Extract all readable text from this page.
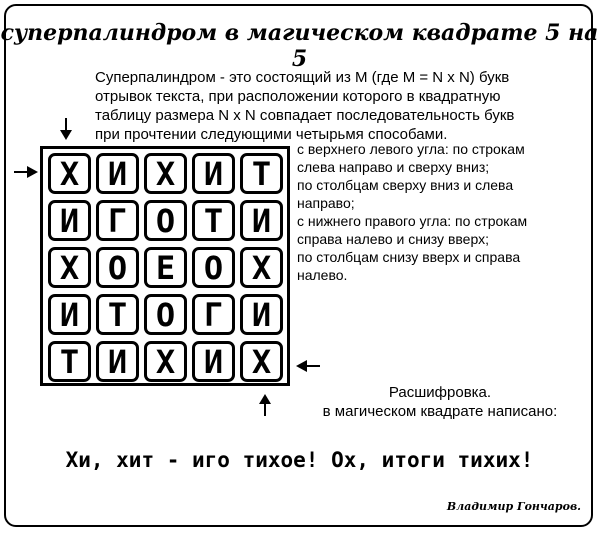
суперпалиндром в магическом квадрате 5 на 5
Суперпалиндром - это состоящий из М (где М = N x N) букв
отрывок текста, при расположении которого в квадратную
таблицу размера N x N совпадает последовательность букв
при прочтении следующими четырьмя способами.
Х И Х И Т
И Г О Т И
Х О Е О Х
И Т О Г И
Т И Х И Х
с верхнего левого угла: по строкам
слева направо и сверху вниз;
по столбцам сверху вниз и слева
направо;
с нижнего правого угла: по строкам
справа налево и снизу вверх;
по столбцам снизу вверх и справа
налево.
Расшифровка.
в магическом квадрате написано:
Хи, хит - иго тихое! Ох, итоги тихих!
Владимир Гончаров.
